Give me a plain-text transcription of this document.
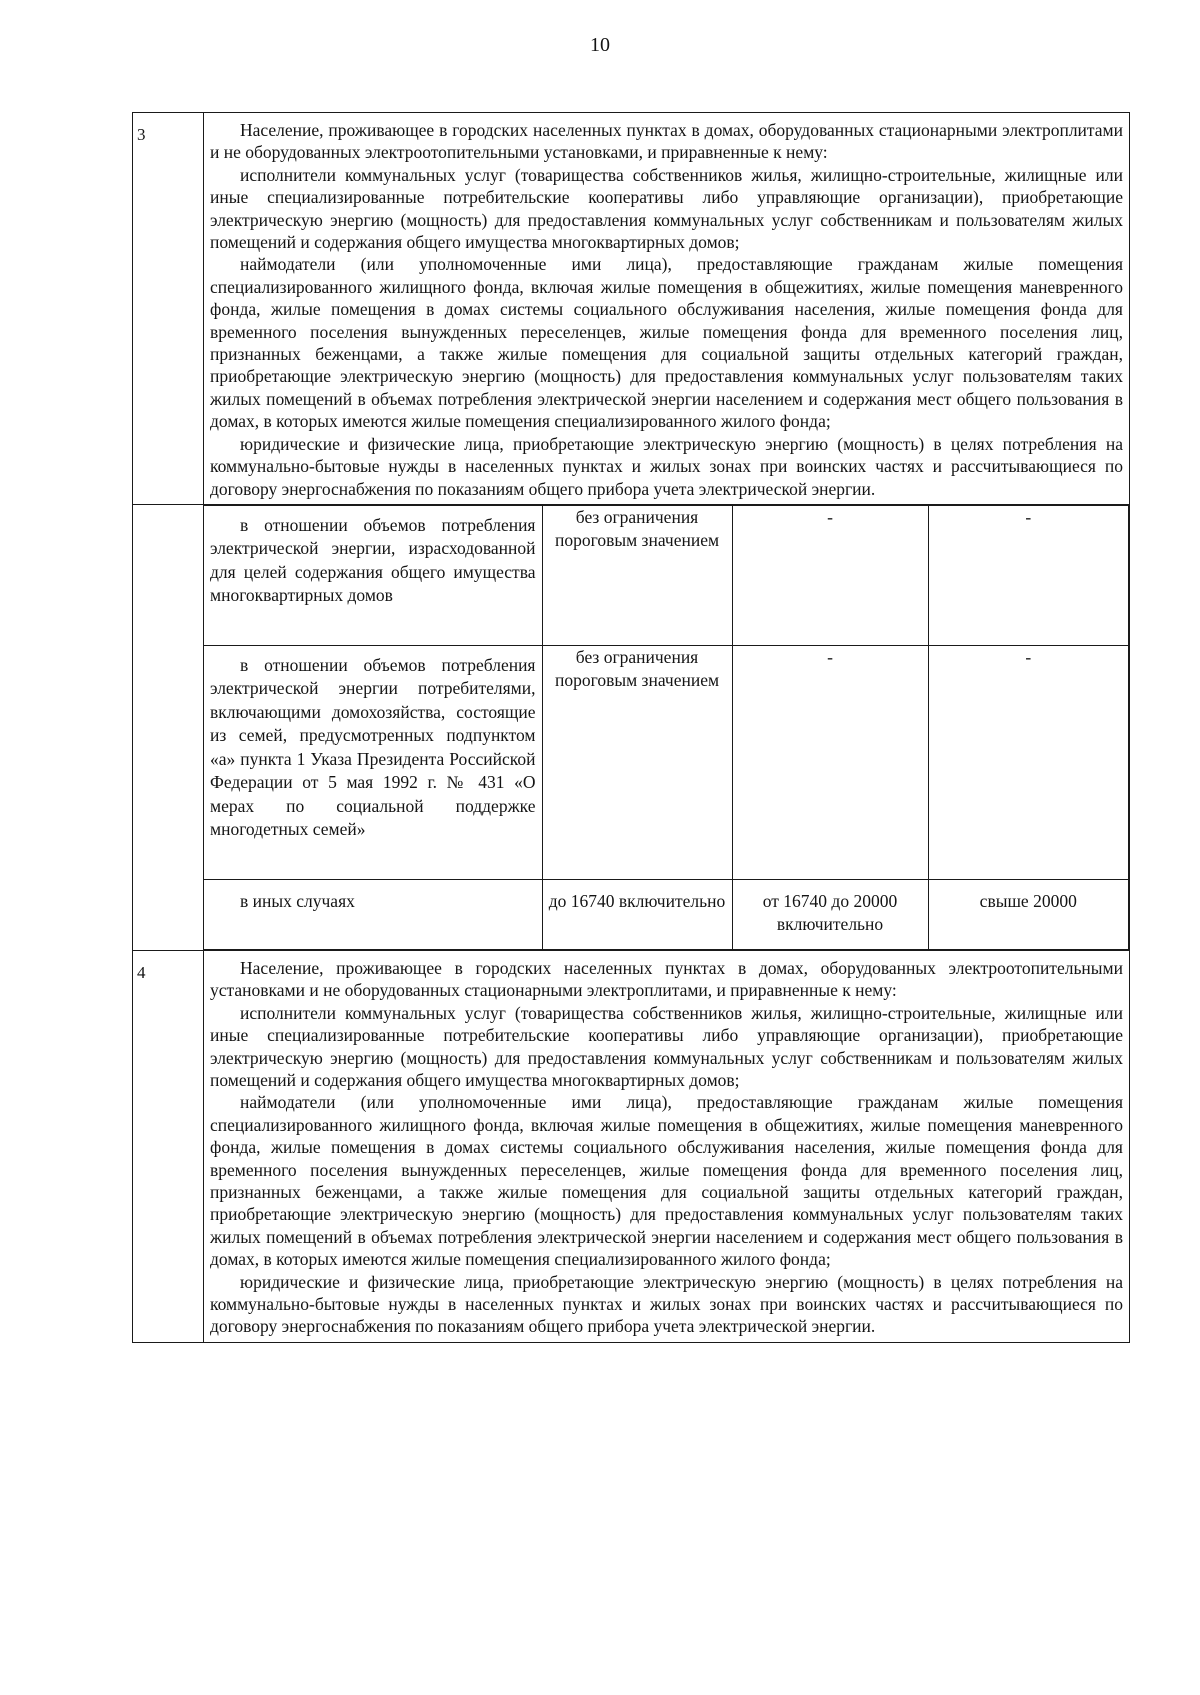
10
3	Население, проживающее в городских населенных пунктах в домах, оборудованных стационарными электроплитами и не оборудованных электроотопительными установками, и приравненные к нему:

исполнители коммунальных услуг (товарищества собственников жилья, жилищно-строительные, жилищные или иные специализированные потребительские кооперативы либо управляющие организации), приобретающие электрическую энергию (мощность) для предоставления коммунальных услуг собственникам и пользователям жилых помещений и содержания общего имущества многоквартирных домов;

наймодатели (или уполномоченные ими лица), предоставляющие гражданам жилые помещения специализированного жилищного фонда, включая жилые помещения в общежитиях, жилые помещения маневренного фонда, жилые помещения в домах системы социального обслуживания населения, жилые помещения фонда для временного поселения вынужденных переселенцев, жилые помещения фонда для временного поселения лиц, признанных беженцами, а также жилые помещения для социальной защиты отдельных категорий граждан, приобретающие электрическую энергию (мощность) для предоставления коммунальных услуг пользователям таких жилых помещений в объемах потребления электрической энергии населением и содержания мест общего пользования в домах, в которых имеются жилые помещения специализированного жилого фонда;

юридические и физические лица, приобретающие электрическую энергию (мощность) в целях потребления на коммунально-бытовые нужды в населенных пунктах и жилых зонах при воинских частях и рассчитывающиеся по договору энергоснабжения по показаниям общего прибора учета электрической энергии.

в отношении объемов потребления электрической энергии, израсходованной для целей содержания общего имущества многоквартирных домов	без ограничения пороговым значением	-	-
в отношении объемов потребления электрической энергии потребителями, включающими домохозяйства, состоящие из семей, предусмотренных подпунктом «а» пункта 1 Указа Президента Российской Федерации от 5 мая 1992 г. № 431 «О мерах по социальной поддержке многодетных семей»	без ограничения пороговым значением	-	-
в иных случаях	до 16740 включительно	от 16740 до 20000 включительно	свыше 20000

4	Население, проживающее в городских населенных пунктах в домах, оборудованных электроотопительными установками и не оборудованных стационарными электроплитами, и приравненные к нему:

исполнители коммунальных услуг (товарищества собственников жилья, жилищно-строительные, жилищные или иные специализированные потребительские кооперативы либо управляющие организации), приобретающие электрическую энергию (мощность) для предоставления коммунальных услуг собственникам и пользователям жилых помещений и содержания общего имущества многоквартирных домов;

наймодатели (или уполномоченные ими лица), предоставляющие гражданам жилые помещения специализированного жилищного фонда, включая жилые помещения в общежитиях, жилые помещения маневренного фонда, жилые помещения в домах системы социального обслуживания населения, жилые помещения фонда для временного поселения вынужденных переселенцев, жилые помещения фонда для временного поселения лиц, признанных беженцами, а также жилые помещения для социальной защиты отдельных категорий граждан, приобретающие электрическую энергию (мощность) для предоставления коммунальных услуг пользователям таких жилых помещений в объемах потребления электрической энергии населением и содержания мест общего пользования в домах, в которых имеются жилые помещения специализированного жилого фонда;

юридические и физические лица, приобретающие электрическую энергию (мощность) в целях потребления на коммунально-бытовые нужды в населенных пунктах и жилых зонах при воинских частях и рассчитывающиеся по договору энергоснабжения по показаниям общего прибора учета электрической энергии.
